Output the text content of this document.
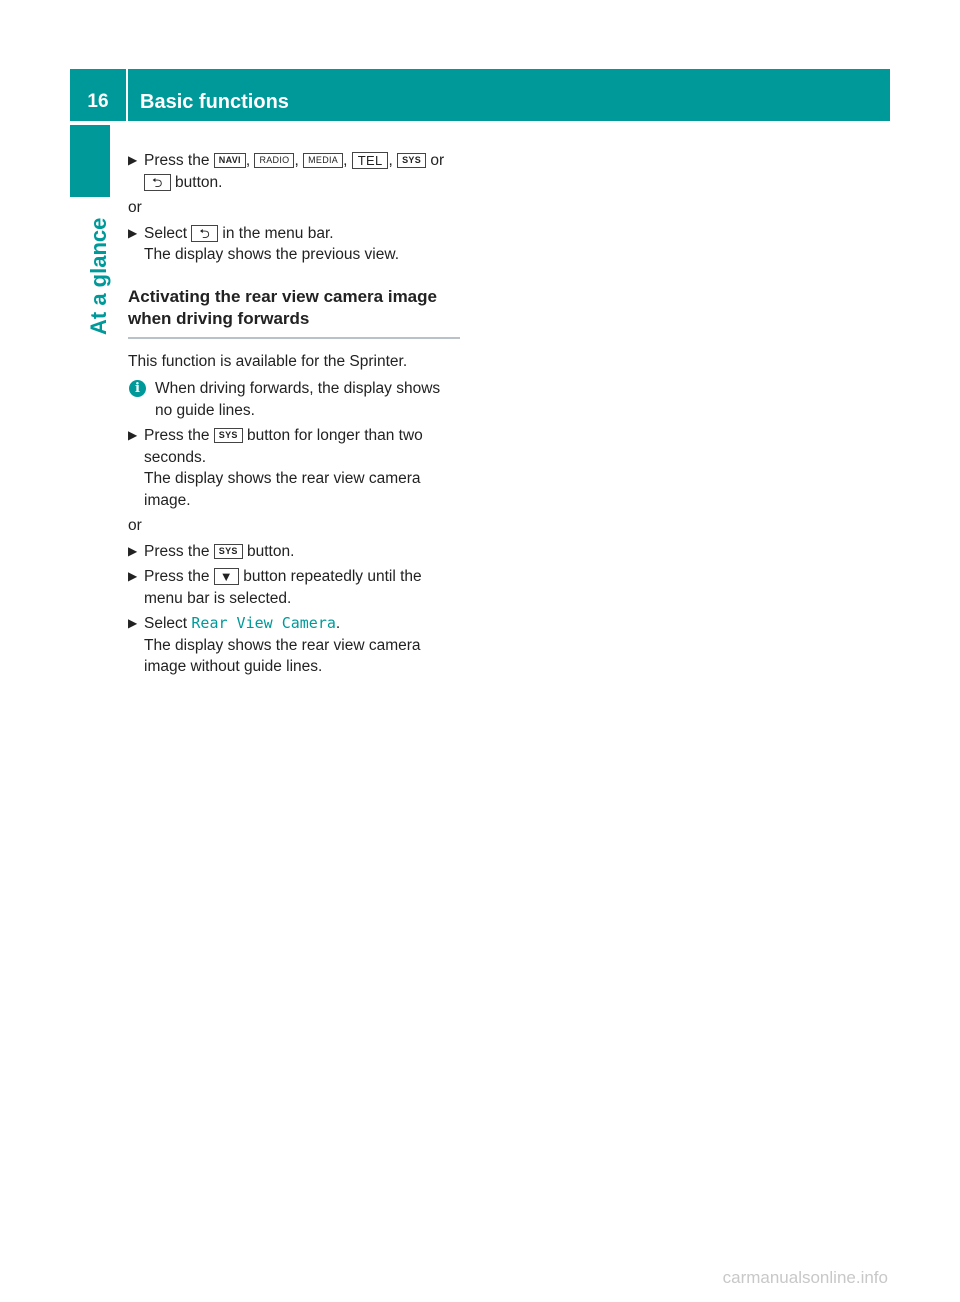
16	Basic functions
At a glance
▶ Press the NAVI , RADIO , MEDIA , TEL , SYS or
⮌ button.
or
▶ Select ⮌ in the menu bar.
The display shows the previous view.
Activating the rear view camera image when driving forwards
This function is available for the Sprinter.
i When driving forwards, the display shows no guide lines.
▶ Press the SYS button for longer than two seconds.
The display shows the rear view camera image.
or
▶ Press the SYS button.
▶ Press the ▼ button repeatedly until the menu bar is selected.
▶ Select Rear View Camera.
The display shows the rear view camera image without guide lines.
carmanualsonline.info
